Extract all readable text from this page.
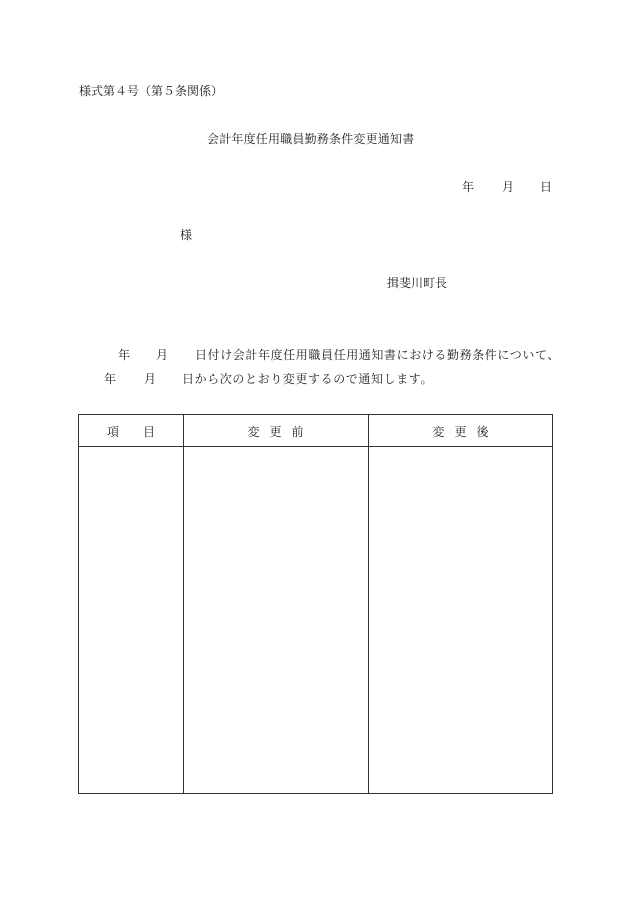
様式第４号（第５条関係）
会計年度任用職員勤務条件変更通知書
年 月 日
様
揖斐川町長
年 月 日付け会計年度任用職員任用通知書における勤務条件について、
年 月 日から次のとおり変更するので通知します。
項目	変更前	変更後
